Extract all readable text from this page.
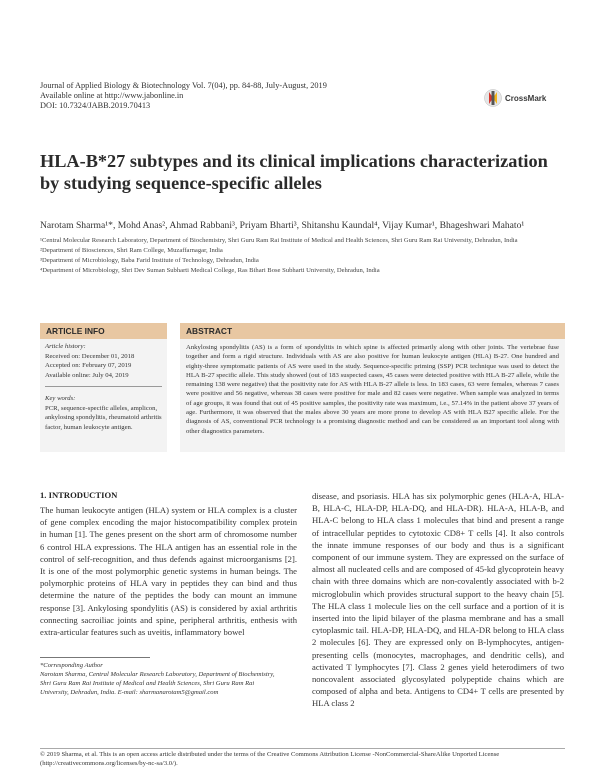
Journal of Applied Biology & Biotechnology Vol. 7(04), pp. 84-88, July-August, 2019
Available online at http://www.jabonline.in
DOI: 10.7324/JABB.2019.70413
CrossMark
HLA-B*27 subtypes and its clinical implications characterization by studying sequence-specific alleles
Narotam Sharma¹*, Mohd Anas², Ahmad Rabbani³, Priyam Bharti³, Shitanshu Kaundal⁴, Vijay Kumar¹, Bhageshwari Mahato¹
¹Central Molecular Research Laboratory, Department of Biochemistry, Shri Guru Ram Rai Institute of Medical and Health Sciences, Shri Guru Ram Rai University, Dehradun, India
²Department of Biosciences, Shri Ram College, Muzaffarnagar, India
³Department of Microbiology, Baba Farid Institute of Technology, Dehradun, India
⁴Department of Microbiology, Shri Dev Suman Subharti Medical College, Ras Bihari Bose Subharti University, Dehradun, India
ARTICLE INFO
Article history:
Received on: December 01, 2018
Accepted on: February 07, 2019
Available online: July 04, 2019
Key words:
PCR, sequence-specific alleles, amplicon, ankylosing spondylitis, rheumatoid arthritis factor, human leukocyte antigen.
ABSTRACT
Ankylosing spondylitis (AS) is a form of spondylitis in which spine is affected primarily along with other joints. The vertebrae fuse together and form a rigid structure. Individuals with AS are also positive for human leukocyte antigen (HLA) B-27. One hundred and eighty-three symptomatic patients of AS were used in the study. Sequence-specific priming (SSP) PCR technique was used to detect the HLA B-27 specific allele. This study showed (out of 183 suspected cases, 45 cases were detected positive with HLA B-27 allele, while the remaining 138 were negative) that the positivity rate for AS with HLA B-27 allele is less. In 183 cases, 63 were females, whereas 7 cases were positive and 56 negative, whereas 38 cases were positive for male and 82 cases were negative. When sample was analyzed in terms of age groups, it was found that out of 45 positive samples, the positivity rate was maximum, i.e., 57.14% in the patient above 37 years of age. Furthermore, it was observed that the males above 30 years are more prone to develop AS with HLA B27 specific allele. For the diagnosis of AS, conventional PCR technology is a promising diagnostic method and can be considered as an important tool along with other diagnostics parameters.
1. INTRODUCTION
The human leukocyte antigen (HLA) system or HLA complex is a cluster of gene complex encoding the major histocompatibility complex protein in human [1]. The genes present on the short arm of chromosome number 6 control HLA expressions. The HLA antigen has an essential role in the control of self-recognition, and thus defends against microorganisms [2]. It is one of the most polymorphic genetic systems in human beings. The polymorphic proteins of HLA vary in peptides they can bind and thus determine the nature of the peptides the body can mount an immune response [3]. Ankylosing spondylitis (AS) is considered by axial arthritis connecting sacroiliac joints and spine, peripheral arthritis, enthesis with extra-articular features such as uveitis, inflammatory bowel
disease, and psoriasis. HLA has six polymorphic genes (HLA-A, HLA-B, HLA-C, HLA-DP, HLA-DQ, and HLA-DR). HLA-A, HLA-B, and HLA-C belong to HLA class 1 molecules that bind and present a range of intracellular peptides to cytotoxic CD8+ T cells [4]. It also controls the innate immune responses of our body and thus is a significant component of our immune system. They are expressed on the surface of almost all nucleated cells and are composed of 45-kd glycoprotein heavy chain with three domains which are non-covalently associated with b-2 microglobulin which provides structural support to the heavy chain [5]. The HLA class 1 molecule lies on the cell surface and a portion of it is inserted into the lipid bilayer of the plasma membrane and has a small cytoplasmic tail. HLA-DP, HLA-DQ, and HLA-DR belong to HLA class 2 molecules [6]. They are expressed only on B-lymphocytes, antigen-presenting cells (monocytes, macrophages, and dendritic cells), and activated T lymphocytes [7]. Class 2 genes yield heterodimers of two noncovalent associated glycosylated polypeptide chains which are composed of alpha and beta. Antigens to CD4+ T cells are presented by HLA class 2
*Corresponding Author
Narotam Sharma, Central Molecular Research Laboratory, Department of Biochemistry, Shri Guru Ram Rai Institute of Medical and Health Sciences, Shri Guru Ram Rai University, Dehradun, India. E-mail: sharmanarotam5@gmail.com
© 2019 Sharma, et al. This is an open access article distributed under the terms of the Creative Commons Attribution License -NonCommercial-ShareAlike Unported License (http://creativecommons.org/licenses/by-nc-sa/3.0/).
